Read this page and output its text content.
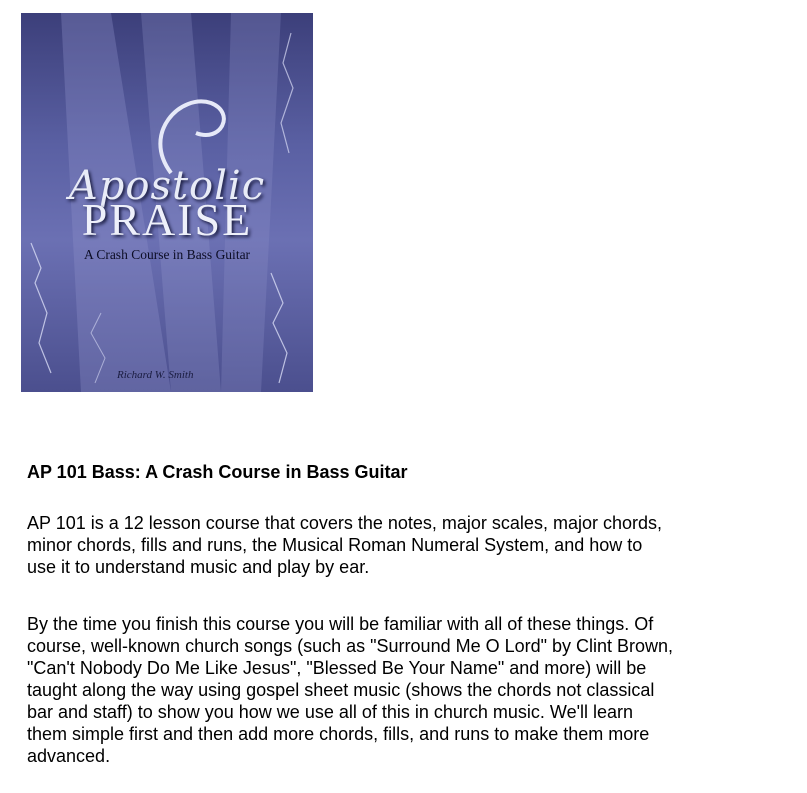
Apostolic
PRAISE
A Crash Course in Bass Guitar
Richard W. Smith
AP 101 Bass: A Crash Course in Bass Guitar
AP 101 is a 12 lesson course that covers the notes, major scales, major chords,
minor chords, fills and runs, the Musical Roman Numeral System, and how to
use it to understand music and play by ear.
By the time you finish this course you will be familiar with all of these things. Of
course, well-known church songs (such as "Surround Me O Lord" by Clint Brown,
"Can't Nobody Do Me Like Jesus", "Blessed Be Your Name" and more) will be
taught along the way using gospel sheet music (shows the chords not classical
bar and staff) to show you how we use all of this in church music. We'll learn
them simple first and then add more chords, fills, and runs to make them more
advanced.
